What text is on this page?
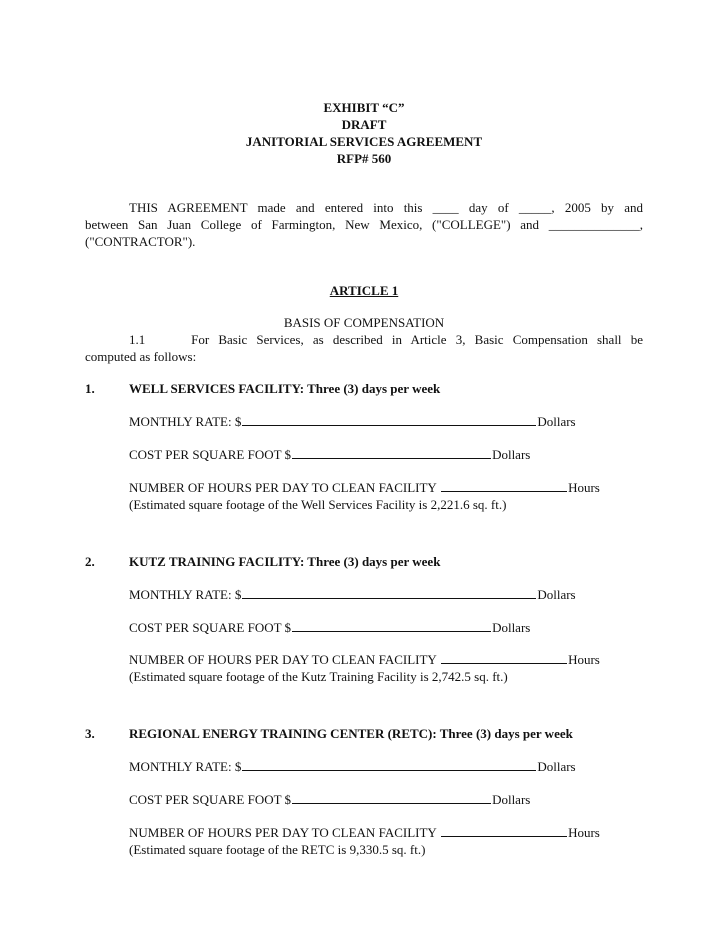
EXHIBIT “C”
DRAFT
JANITORIAL SERVICES AGREEMENT
RFP# 560
THIS AGREEMENT made and entered into this ____ day of _____, 2005 by and
between San Juan College of Farmington, New Mexico, ("COLLEGE") and ______________,
("CONTRACTOR").
ARTICLE 1
BASIS OF COMPENSATION
1.1     For Basic Services, as described in Article 3, Basic Compensation shall be
computed as follows:
1.	WELL SERVICES FACILITY: Three (3) days per week
MONTHLY RATE: $	Dollars
COST PER SQUARE FOOT $	Dollars
NUMBER OF HOURS PER DAY TO CLEAN FACILITY	Hours
(Estimated square footage of the Well Services Facility is 2,221.6 sq. ft.)
2.	KUTZ TRAINING FACILITY: Three (3) days per week
MONTHLY RATE: $	Dollars
COST PER SQUARE FOOT $	Dollars
NUMBER OF HOURS PER DAY TO CLEAN FACILITY	Hours
(Estimated square footage of the Kutz Training Facility is 2,742.5 sq. ft.)
3.	REGIONAL ENERGY TRAINING CENTER (RETC): Three (3) days per week
MONTHLY RATE: $	Dollars
COST PER SQUARE FOOT $	Dollars
NUMBER OF HOURS PER DAY TO CLEAN FACILITY	Hours
(Estimated square footage of the RETC is 9,330.5 sq. ft.)
